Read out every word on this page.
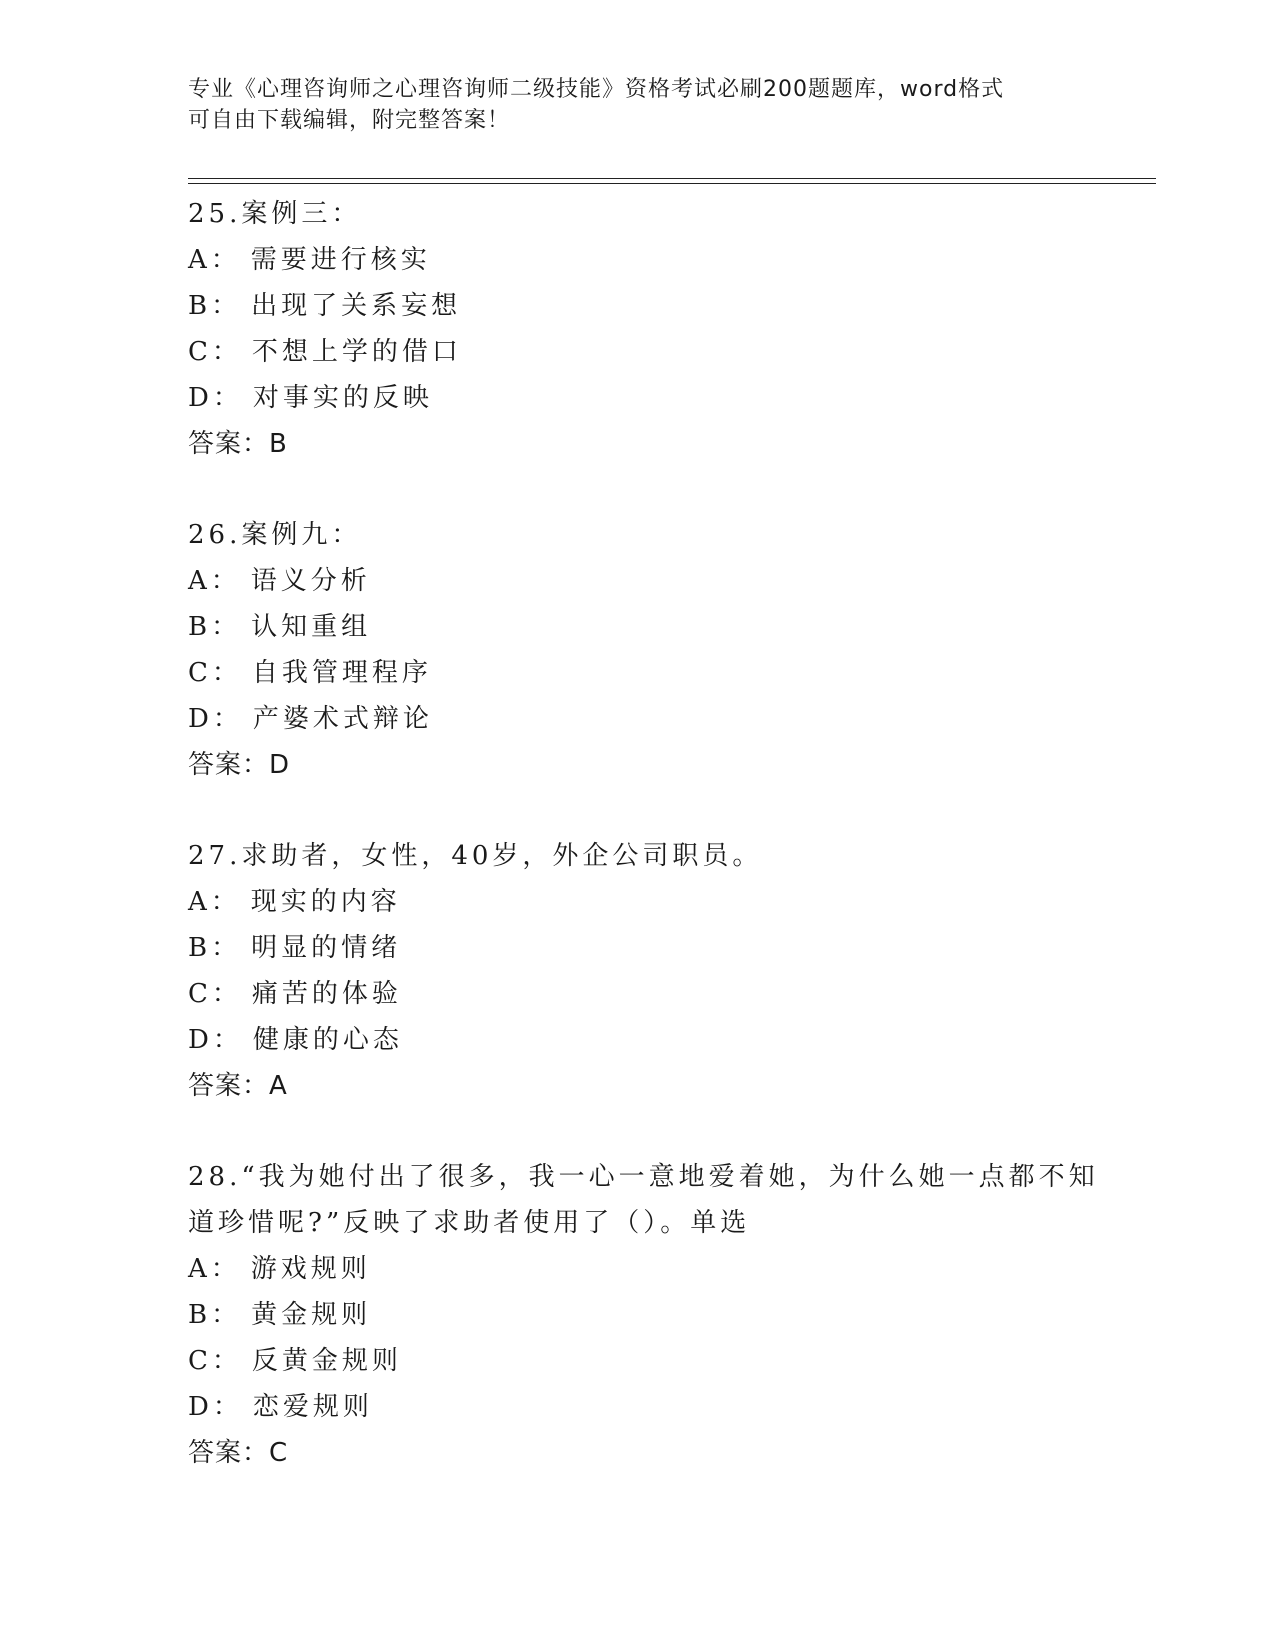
专业《心理咨询师之心理咨询师二级技能》资格考试必刷200题题库，word格式
可自由下载编辑，附完整答案！
25.案例三：
A： 需要进行核实
B： 出现了关系妄想
C： 不想上学的借口
D： 对事实的反映
答案：B
26.案例九：
A： 语义分析
B： 认知重组
C： 自我管理程序
D： 产婆术式辩论
答案：D
27.求助者，女性，40岁，外企公司职员。
A： 现实的内容
B： 明显的情绪
C： 痛苦的体验
D： 健康的心态
答案：A
28.“我为她付出了很多，我一心一意地爱着她，为什么她一点都不知
道珍惜呢?”反映了求助者使用了（）。单选
A： 游戏规则
B： 黄金规则
C： 反黄金规则
D： 恋爱规则
答案：C
